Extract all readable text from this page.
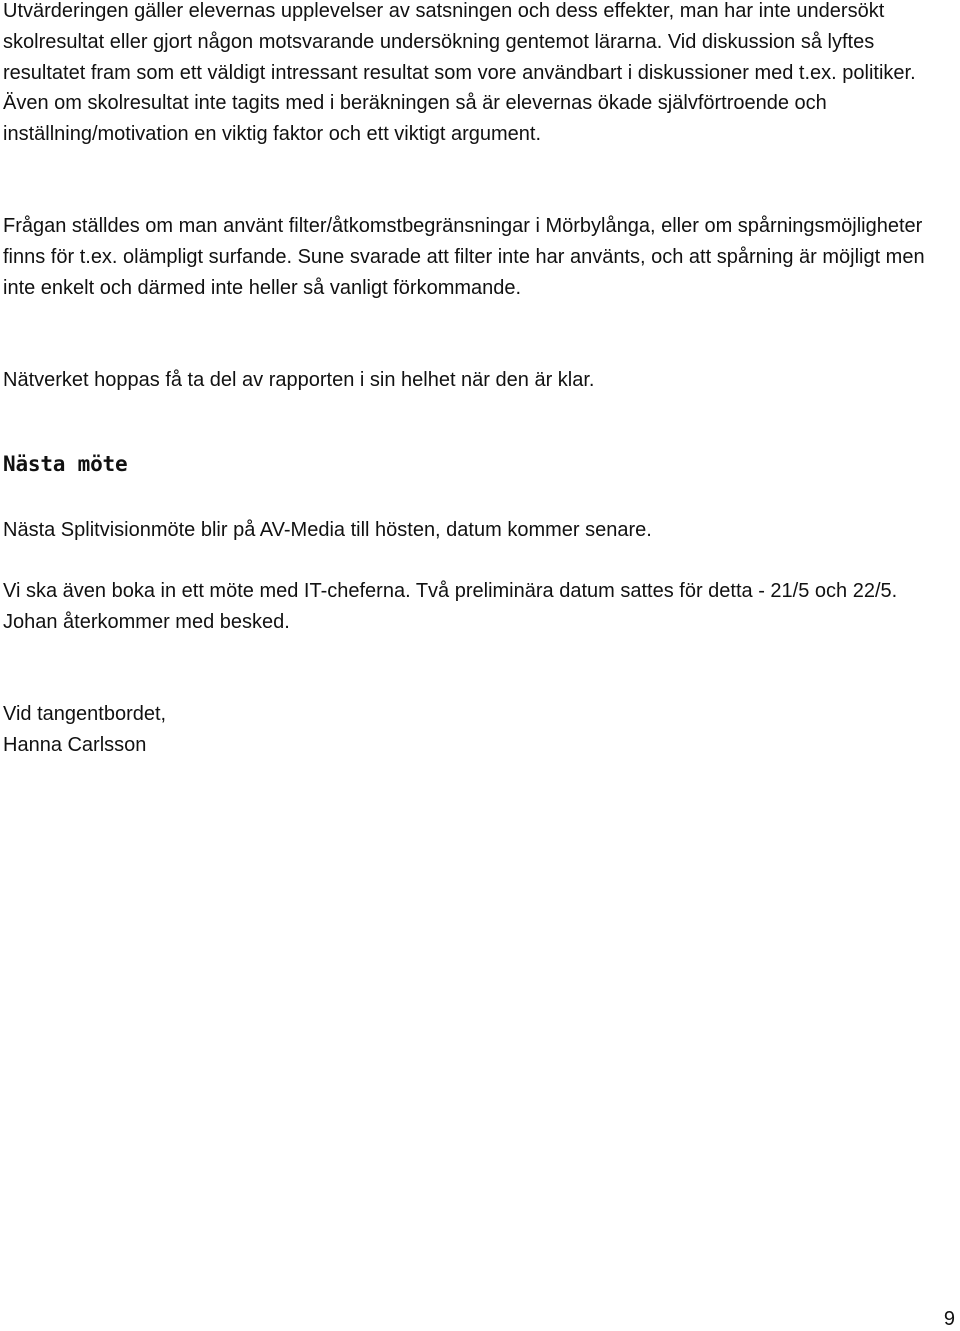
Utvärderingen gäller elevernas upplevelser av satsningen och dess effekter, man har inte undersökt skolresultat eller gjort någon motsvarande undersökning gentemot lärarna. Vid diskussion så lyftes resultatet fram som ett väldigt intressant resultat som vore användbart i diskussioner med t.ex. politiker. Även om skolresultat inte tagits med i beräkningen så är elevernas ökade självförtroende och inställning/motivation en viktig faktor och ett viktigt argument.

Frågan ställdes om man använt filter/åtkomstbegränsningar i Mörbylånga, eller om spårningsmöjligheter finns för t.ex. olämpligt surfande. Sune svarade att filter inte har använts, och att spårning är möjligt men inte enkelt och därmed inte heller så vanligt förkommande.

Nätverket hoppas få ta del av rapporten i sin helhet när den är klar.

Nästa möte

Nästa Splitvisionmöte blir på AV-Media till hösten, datum kommer senare.

Vi ska även boka in ett möte med IT-cheferna. Två preliminära datum sattes för detta - 21/5 och 22/5. Johan återkommer med besked.

Vid tangentbordet,

Hanna Carlsson

9
